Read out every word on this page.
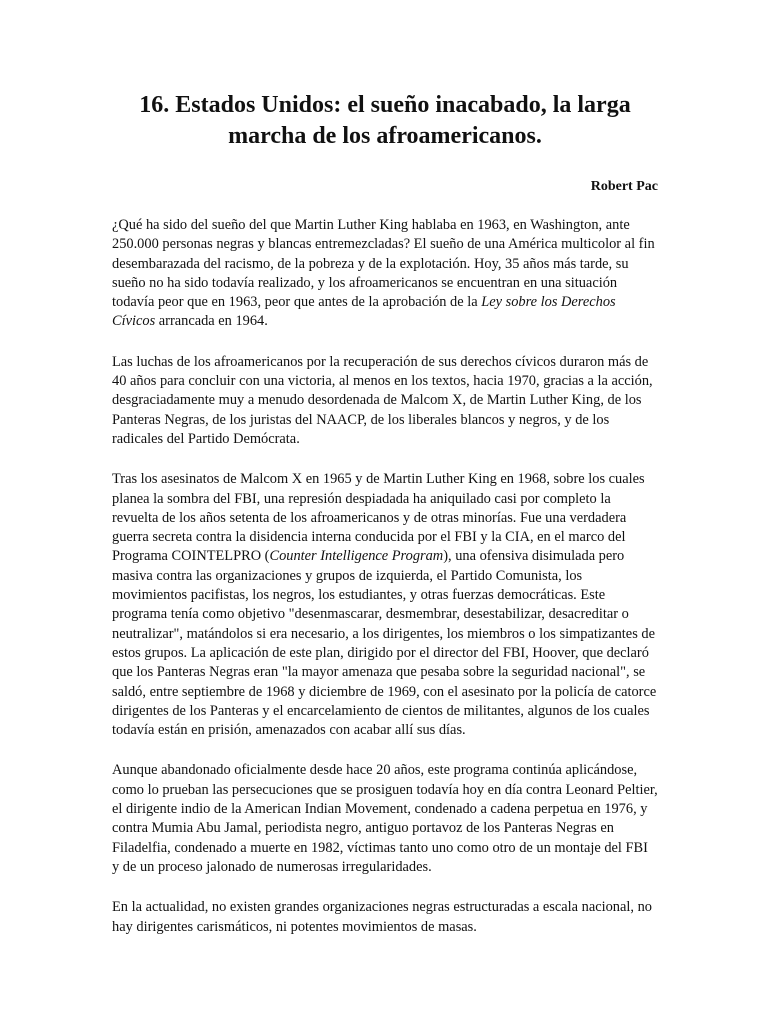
16. Estados Unidos: el sueño inacabado, la larga marcha de los afroamericanos.
Robert Pac

¿Qué ha sido del sueño del que Martin Luther King hablaba en 1963, en Washington, ante 250.000 personas negras y blancas entremezcladas? El sueño de una América multicolor al fin desembarazada del racismo, de la pobreza y de la explotación. Hoy, 35 años más tarde, su sueño no ha sido todavía realizado, y los afroamericanos se encuentran en una situación todavía peor que en 1963, peor que antes de la aprobación de la Ley sobre los Derechos Cívicos arrancada en 1964.

Las luchas de los afroamericanos por la recuperación de sus derechos cívicos duraron más de 40 años para concluir con una victoria, al menos en los textos, hacia 1970, gracias a la acción, desgraciadamente muy a menudo desordenada de Malcom X, de Martin Luther King, de los Panteras Negras, de los juristas del NAACP, de los liberales blancos y negros, y de los radicales del Partido Demócrata.

Tras los asesinatos de Malcom X en 1965 y de Martin Luther King en 1968, sobre los cuales planea la sombra del FBI, una represión despiadada ha aniquilado casi por completo la revuelta de los años setenta de los afroamericanos y de otras minorías. Fue una verdadera guerra secreta contra la disidencia interna conducida por el FBI y la CIA, en el marco del Programa COINTELPRO (Counter Intelligence Program), una ofensiva disimulada pero masiva contra las organizaciones y grupos de izquierda, el Partido Comunista, los movimientos pacifistas, los negros, los estudiantes, y otras fuerzas democráticas. Este programa tenía como objetivo "desenmascarar, desmembrar, desestabilizar, desacreditar o neutralizar", matándolos si era necesario, a los dirigentes, los miembros o los simpatizantes de estos grupos. La aplicación de este plan, dirigido por el director del FBI, Hoover, que declaró que los Panteras Negras eran "la mayor amenaza que pesaba sobre la seguridad nacional", se saldó, entre septiembre de 1968 y diciembre de 1969, con el asesinato por la policía de catorce dirigentes de los Panteras y el encarcelamiento de cientos de militantes, algunos de los cuales todavía están en prisión, amenazados con acabar allí sus días.

Aunque abandonado oficialmente desde hace 20 años, este programa continúa aplicándose, como lo prueban las persecuciones que se prosiguen todavía hoy en día contra Leonard Peltier, el dirigente indio de la American Indian Movement, condenado a cadena perpetua en 1976, y contra Mumia Abu Jamal, periodista negro, antiguo portavoz de los Panteras Negras en Filadelfia, condenado a muerte en 1982, víctimas tanto uno como otro de un montaje del FBI y de un proceso jalonado de numerosas irregularidades.

En la actualidad, no existen grandes organizaciones negras estructuradas a escala nacional, no hay dirigentes carismáticos, ni potentes movimientos de masas.
